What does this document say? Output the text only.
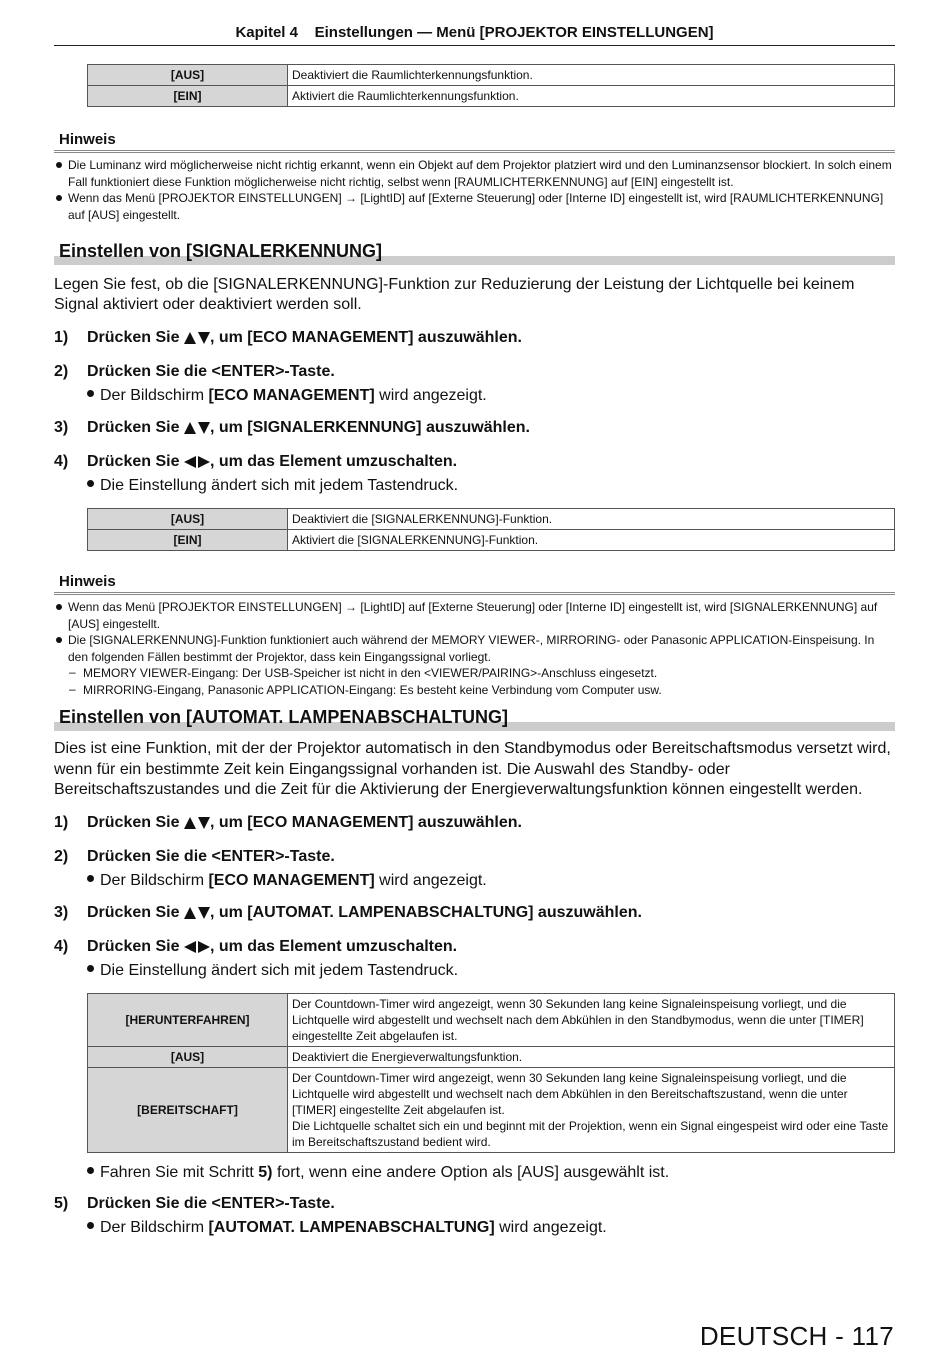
Kapitel 4    Einstellungen — Menü [PROJEKTOR EINSTELLUNGEN]
[AUS]	Deaktiviert die Raumlichterkennungsfunktion.
[EIN]	Aktiviert die Raumlichterkennungsfunktion.
Hinweis
Die Luminanz wird möglicherweise nicht richtig erkannt, wenn ein Objekt auf dem Projektor platziert wird und den Luminanzsensor blockiert. In solch einem Fall funktioniert diese Funktion möglicherweise nicht richtig, selbst wenn [RAUMLICHTERKENNUNG] auf [EIN] eingestellt ist.
Wenn das Menü [PROJEKTOR EINSTELLUNGEN] → [LightID] auf [Externe Steuerung] oder [Interne ID] eingestellt ist, wird [RAUMLICHTERKENNUNG] auf [AUS] eingestellt.
Einstellen von [SIGNALERKENNUNG]
Legen Sie fest, ob die [SIGNALERKENNUNG]-Funktion zur Reduzierung der Leistung der Lichtquelle bei keinem Signal aktiviert oder deaktiviert werden soll.
1)	Drücken Sie , um [ECO MANAGEMENT] auszuwählen.
2)	Drücken Sie die <ENTER>-Taste.
Der Bildschirm [ECO MANAGEMENT] wird angezeigt.
3)	Drücken Sie , um [SIGNALERKENNUNG] auszuwählen.
4)	Drücken Sie , um das Element umzuschalten.
Die Einstellung ändert sich mit jedem Tastendruck.
[AUS]	Deaktiviert die [SIGNALERKENNUNG]-Funktion.
[EIN]	Aktiviert die [SIGNALERKENNUNG]-Funktion.
Hinweis
Wenn das Menü [PROJEKTOR EINSTELLUNGEN] → [LightID] auf [Externe Steuerung] oder [Interne ID] eingestellt ist, wird [SIGNALERKENNUNG] auf [AUS] eingestellt.
Die [SIGNALERKENNUNG]-Funktion funktioniert auch während der MEMORY VIEWER-, MIRRORING- oder Panasonic APPLICATION-Einspeisung. In den folgenden Fällen bestimmt der Projektor, dass kein Eingangssignal vorliegt.
– MEMORY VIEWER-Eingang: Der USB-Speicher ist nicht in den <VIEWER/PAIRING>-Anschluss eingesetzt.
– MIRRORING-Eingang, Panasonic APPLICATION-Eingang: Es besteht keine Verbindung vom Computer usw.
Einstellen von [AUTOMAT. LAMPENABSCHALTUNG]
Dies ist eine Funktion, mit der der Projektor automatisch in den Standbymodus oder Bereitschaftsmodus versetzt wird, wenn für ein bestimmte Zeit kein Eingangssignal vorhanden ist. Die Auswahl des Standby- oder Bereitschaftszustandes und die Zeit für die Aktivierung der Energieverwaltungsfunktion können eingestellt werden.
1)	Drücken Sie , um [ECO MANAGEMENT] auszuwählen.
2)	Drücken Sie die <ENTER>-Taste.
Der Bildschirm [ECO MANAGEMENT] wird angezeigt.
3)	Drücken Sie , um [AUTOMAT. LAMPENABSCHALTUNG] auszuwählen.
4)	Drücken Sie , um das Element umzuschalten.
Die Einstellung ändert sich mit jedem Tastendruck.
[HERUNTERFAHREN]	Der Countdown-Timer wird angezeigt, wenn 30 Sekunden lang keine Signaleinspeisung vorliegt, und die Lichtquelle wird abgestellt und wechselt nach dem Abkühlen in den Standbymodus, wenn die unter [TIMER] eingestellte Zeit abgelaufen ist.
[AUS]	Deaktiviert die Energieverwaltungsfunktion.
[BEREITSCHAFT]	Der Countdown-Timer wird angezeigt, wenn 30 Sekunden lang keine Signaleinspeisung vorliegt, und die Lichtquelle wird abgestellt und wechselt nach dem Abkühlen in den Bereitschaftszustand, wenn die unter [TIMER] eingestellte Zeit abgelaufen ist.
Die Lichtquelle schaltet sich ein und beginnt mit der Projektion, wenn ein Signal eingespeist wird oder eine Taste im Bereitschaftszustand bedient wird.
Fahren Sie mit Schritt 5) fort, wenn eine andere Option als [AUS] ausgewählt ist.
5)	Drücken Sie die <ENTER>-Taste.
Der Bildschirm [AUTOMAT. LAMPENABSCHALTUNG] wird angezeigt.
DEUTSCH - 117
